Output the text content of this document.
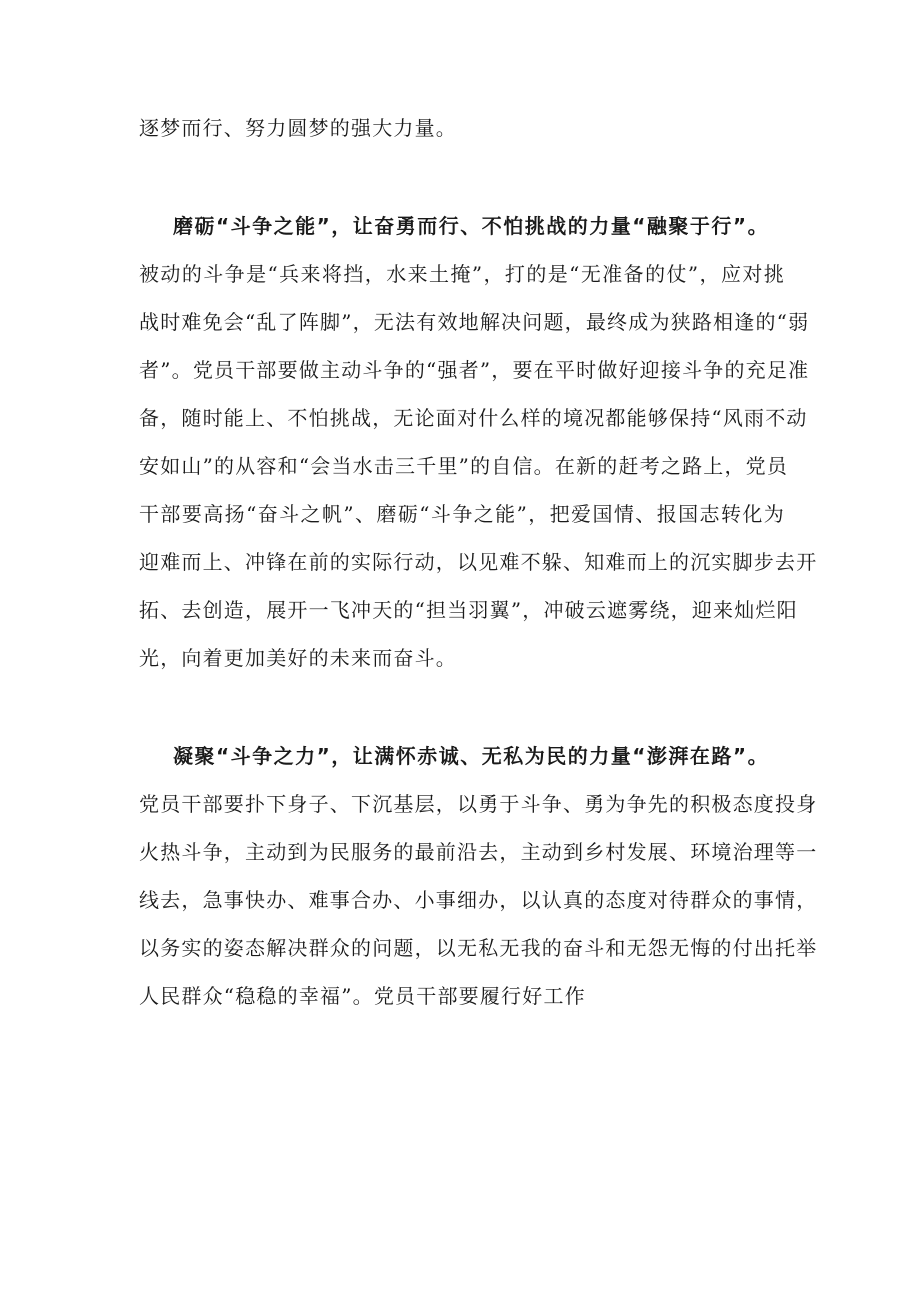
逐梦而行、努力圆梦的强大力量。
磨砺“斗争之能”，让奋勇而行、不怕挑战的力量“融聚于行”。
被动的斗争是“兵来将挡，水来土掩”，打的是“无准备的仗”，应对挑
战时难免会“乱了阵脚”，无法有效地解决问题，最终成为狭路相逢的“弱
者”。党员干部要做主动斗争的“强者”，要在平时做好迎接斗争的充足准
备，随时能上、不怕挑战，无论面对什么样的境况都能够保持“风雨不动
安如山”的从容和“会当水击三千里”的自信。在新的赶考之路上，党员
干部要高扬“奋斗之帆”、磨砺“斗争之能”，把爱国情、报国志转化为
迎难而上、冲锋在前的实际行动，以见难不躲、知难而上的沉实脚步去开
拓、去创造，展开一飞冲天的“担当羽翼”，冲破云遮雾绕，迎来灿烂阳
光，向着更加美好的未来而奋斗。
凝聚“斗争之力”，让满怀赤诚、无私为民的力量“澎湃在路”。
党员干部要扑下身子、下沉基层，以勇于斗争、勇为争先的积极态度投身
火热斗争，主动到为民服务的最前沿去，主动到乡村发展、环境治理等一
线去，急事快办、难事合办、小事细办，以认真的态度对待群众的事情，
以务实的姿态解决群众的问题，以无私无我的奋斗和无怨无悔的付出托举
人民群众“稳稳的幸福”。党员干部要履行好工作
